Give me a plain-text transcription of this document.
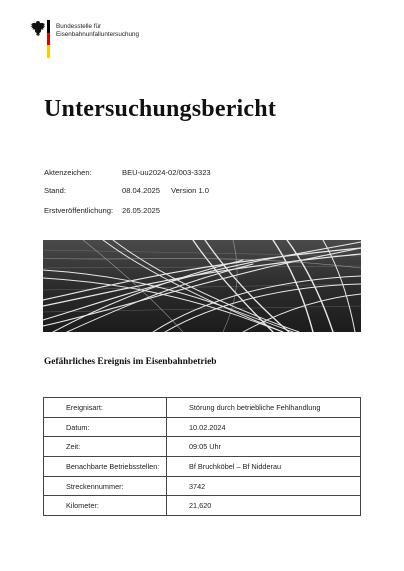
Bundesstelle für
Eisenbahnunfalluntersuchung
Untersuchungsbericht
Aktenzeichen:	BEU-uu2024-02/003-3323
Stand:	08.04.2025 Version 1.0
Erstveröffentlichung: 26.05.2025
Gefährliches Ereignis im Eisenbahnbetrieb
Ereignisart:	Störung durch betriebliche Fehlhandlung
Datum:	10.02.2024
Zeit:	09:05 Uhr
Benachbarte Betriebsstellen:	Bf Bruchköbel – Bf Nidderau
Streckennummer:	3742
Kilometer:	21,620
